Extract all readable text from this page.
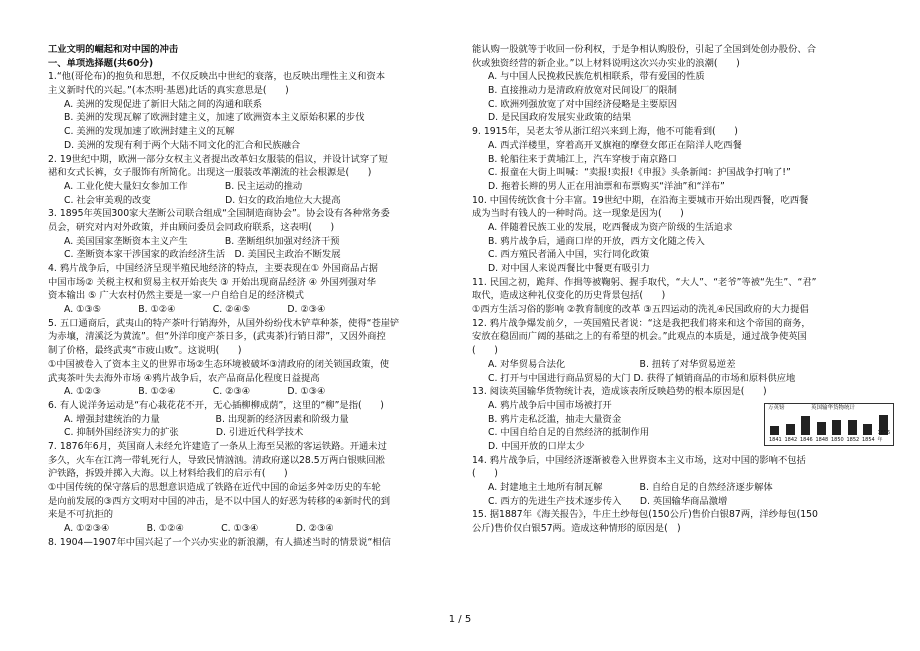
工业文明的崛起和对中国的冲击
一、单项选择题(共60分)
1.“他(哥伦布)的抱负和思想，不仅反映出中世纪的衰落，也反映出理性主义和资本
主义新时代的兴起。”(本杰明·基恩)此话的真实意思是(　　)
A. 美洲的发现促进了新旧大陆之间的沟通和联系
B. 美洲的发现瓦解了欧洲封建主义，加速了欧洲资本主义原始积累的步伐
C. 美洲的发现加速了欧洲封建主义的瓦解
D. 美洲的发现有利于两个大陆不同文化的汇合和民族融合
2. 19世纪中期，欧洲一部分女权主义者提出改革妇女服装的倡议，并设计试穿了短
裙和女式长裤，女子服饰有所简化。出现这一服装改革潮流的社会根源是(　　)
A. 工业化使大量妇女参加工作　　　　B. 民主运动的推动
C. 社会审美观的改变　　　　　　　　D. 妇女的政治地位大大提高
3. 1895年英国300家大垄断公司联合组成“全国制造商协会”。协会设有各种常务委
员会，研究对内对外政策，并由顾问委员会同政府联系，这表明(　　)
A. 美国国家垄断资本主义产生　　　　B. 垄断组织加强对经济干预
C. 垄断资本家干涉国家的政治经济生活　D. 美国民主政治不断发展
4. 鸦片战争后，中国经济呈现半殖民地经济的特点，主要表现在① 外国商品占据
中国市场② 关税主权和贸易主权开始丧失 ③ 开始出现商品经济 ④ 外国列强对华
资本输出 ⑤ 广大农村仍然主要是一家一户自给自足的经济模式
A. ①③⑤　　　　B. ①②④　　　　C. ②④⑤　　　　D. ②③④
5. 五口通商后，武夷山的特产茶叶行销海外，从国外纷纷伐木铲草种茶，使得“苍崖铲
为赤壤，清溪泛为黄流”。但“外洋印度产茶日多，(武夷茶)行销日滞”，又因外商控
制了价格，最终武夷“市疲山败”。这说明(　　)
①中国被卷入了资本主义的世界市场②生态环境被破坏③清政府的闭关锁国政策，使
武夷茶叶失去海外市场 ④鸦片战争后，农产品商品化程度日益提高
A. ①②③　　　　B. ①②④　　　　C. ②③④　　　　D. ①③④
6. 有人说洋务运动是“有心栽花花不开，无心插柳柳成荫”，这里的“柳”是指(　　)
A. 增强封建统治的力量　　　　　　B. 出现新的经济因素和阶级力量
C. 抑制外国经济实力的扩张　　　　D. 引进近代科学技术
7. 1876年6月，英国商人未经允许建造了一条从上海至吴淞的客运铁路。开通未过
多久，火车在江湾一带轧死行人，导致民情汹汹。清政府遂以28.5万两白银赎回淞
沪铁路，拆毁并掷入大海。以上材料给我们的启示有(　　)
①中国传统的保守落后的思想意识造成了铁路在近代中国的命运多舛②历史的车轮
是向前发展的③西方文明对中国的冲击，是不以中国人的好恶为转移的④新时代的到
来是不可抗拒的
A. ①②③④　　　　B. ①②④　　　　C. ①③④　　　　D. ②③④
8. 1904—1907年中国兴起了一个兴办实业的新浪潮，有人描述当时的情景说“相信
能认购一股就等于收回一份利权，于是争相认购股份，引起了全国到处创办股份、合
伙或独资经营的新企业。”以上材料说明这次兴办实业的浪潮(　　)
A. 与中国人民挽救民族危机相联系，带有爱国的性质
B. 直接推动力是清政府放宽对民间设厂的限制
C. 欧洲列强放宽了对中国经济侵略是主要原因
D. 是民国政府发展实业政策的结果
9. 1915年，吴老太爷从浙江绍兴来到上海，他不可能看到(　　)
A. 西式洋楼里，穿着高开叉旗袍的摩登女郎正在陪洋人吃西餐
B. 轮船往来于黄埔江上，汽车穿梭于南京路口
C. 报童在大街上叫喊：“卖报!卖报!《申报》头条新闻：护国战争打响了!”
D. 拖着长辫的男人正在用油票和布票购买“洋油”和“洋布”
10. 中国传统饮食十分丰富。19世纪中期，在沿海主要城市开始出现西餐，吃西餐
成为当时有钱人的一种时尚。这一现象是因为(　　)
A. 伴随着民族工业的发展，吃西餐成为资产阶级的生活追求
B. 鸦片战争后，通商口岸的开放，西方文化随之传入
C. 西方殖民者涌入中国，实行同化政策
D. 对中国人来说西餐比中餐更有吸引力
11. 民国之初，跪拜、作揖等被鞠躬、握手取代，“大人”、“老爷”等被“先生”、“君”
取代，造成这种礼仪变化的历史背景包括(　　)
①西方生活习俗的影响 ②教育制度的改革 ③五四运动的洗礼④民国政府的大力提倡
12. 鸦片战争爆发前夕，一英国殖民者说：“这是我把我们将来和这个帝国的商务，
安放在稳固而广阔的基础之上的有希望的机会。”此观点的本质是，通过战争使英国
(　　)
A. 对华贸易合法化　　　　　　　　B. 扭转了对华贸易逆差
C. 打开与中国进行商品贸易的大门 D. 获得了倾销商品的市场和原料供应地
13. 阅读英国输华货物统计表，造成该表所反映趋势的根本原因是(　　)
A. 鸦片战争后中国市场被打开
B. 鸦片走私泛滥，抽走大量资金
C. 中国自给自足的自然经济的抵制作用
D. 中国开放的口岸太少
14. 鸦片战争后，中国经济逐渐被卷入世界资本主义市场，这对中国的影响不包括
(　　)
A. 封建地主土地所有制瓦解　　　　B. 自给自足的自然经济逐步解体
C. 西方的先进生产技术逐步传入　　D. 英国输华商品激增
15. 据1887年《海关报告》，牛庄土纱每包(150公斤)售价白银87两，洋纱每包(150
公斤)售价仅白银57两。造成这种情形的原因是(　)
万英镑	英国输华货物统计
1841 1842 1846 1848 1850 1852 1854
1856年
1 / 5
